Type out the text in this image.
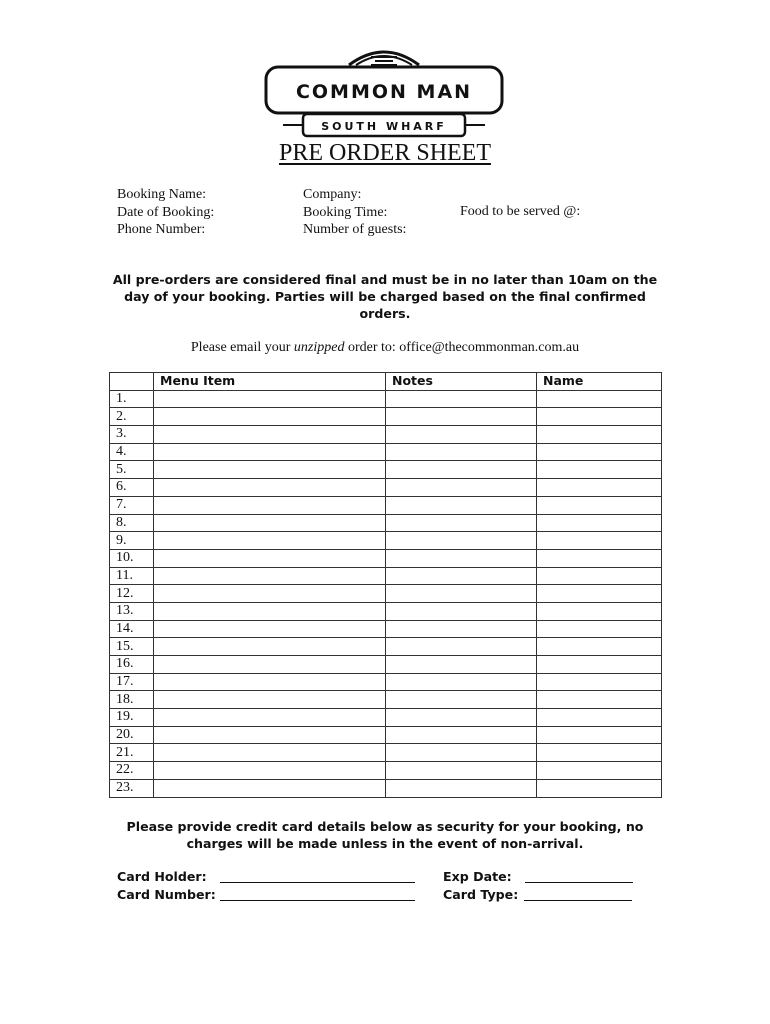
COMMON MAN
SOUTH WHARF
PRE ORDER SHEET
Booking Name:
Date of Booking:
Phone Number:
Company:
Booking Time:
Number of guests:
Food to be served @:
All pre-orders are considered final and must be in no later than 10am on the day of your booking. Parties will be charged based on the final confirmed orders.
Please email your unzipped order to: office@thecommonman.com.au
	Menu Item	Notes	Name
1.			
2.			
3.			
4.			
5.			
6.			
7.			
8.			
9.			
10.			
11.			
12.			
13.			
14.			
15.			
16.			
17.			
18.			
19.			
20.			
21.			
22.			
23.			
Please provide credit card details below as security for your booking, no charges will be made unless in the event of non-arrival.
Card Holder:
Card Number:
Exp Date:
Card Type:
